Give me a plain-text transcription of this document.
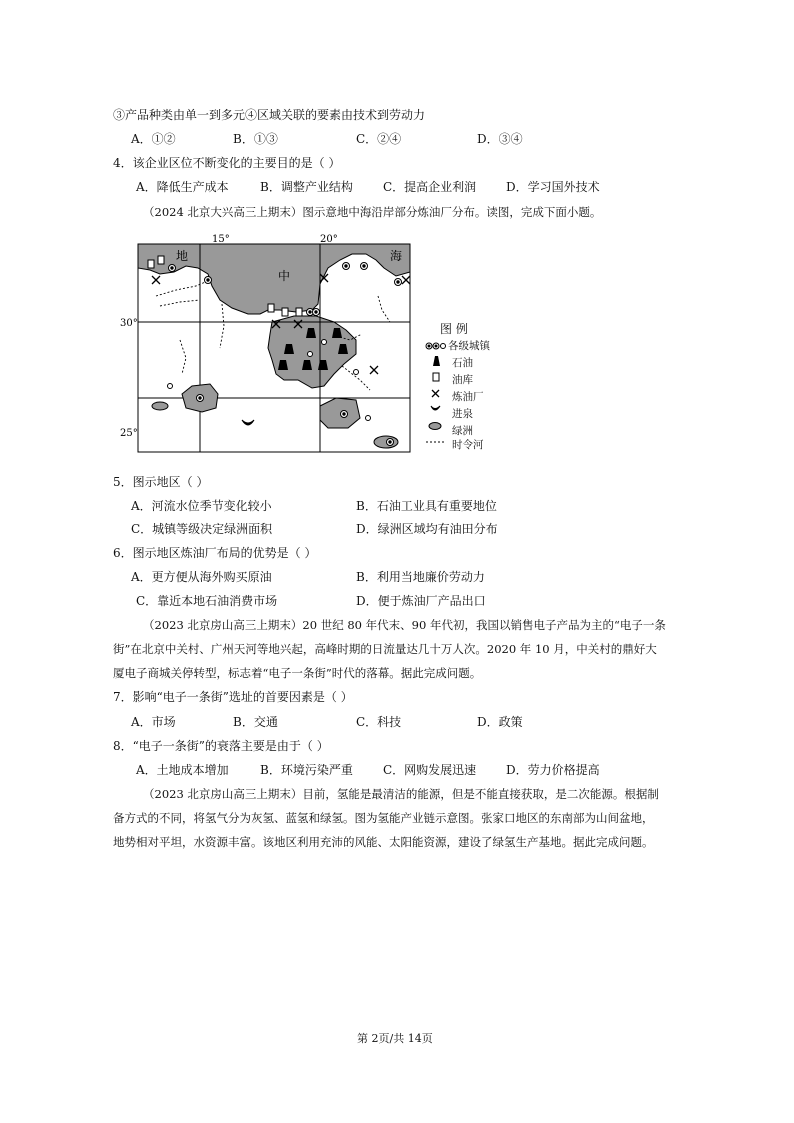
③产品种类由单一到多元④区域关联的要素由技术到劳动力
A．①②	B．①③	C．②④	D．③④
4．该企业区位不断变化的主要目的是（ ）
A．降低生产成本	B．调整产业结构	C．提高企业利润 D．学习国外技术
（2024 北京大兴高三上期末）图示意地中海沿岸部分炼油厂分布。读图，完成下面小题。
15°	20°
30°
25°
地
中
海
图 例
各级城镇
石油
油库
炼油厂
进泉
绿洲
时令河
5．图示地区（ ）
A．河流水位季节变化较小	B．石油工业具有重要地位
C．城镇等级决定绿洲面积	D．绿洲区域均有油田分布
6．图示地区炼油厂布局的优势是（ ）
A．更方便从海外购买原油	B．利用当地廉价劳动力
C．靠近本地石油消费市场	D．便于炼油厂产品出口
（2023 北京房山高三上期末）20 世纪 80 年代末、90 年代初，我国以销售电子产品为主的“电子一条
街”在北京中关村、广州天河等地兴起，高峰时期的日流量达几十万人次。2020 年 10 月，中关村的鼎好大
厦电子商城关停转型，标志着“电子一条街”时代的落幕。据此完成问题。
7．影响“电子一条街”选址的首要因素是（ ）
A．市场	B．交通	C．科技	D．政策
8．“电子一条街”的衰落主要是由于（ ）
A．土地成本增加	B．环境污染严重	C．网购发展迅速 D．劳力价格提高
（2023 北京房山高三上期末）目前，氢能是最清洁的能源，但是不能直接获取，是二次能源。根据制
备方式的不同，将氢气分为灰氢、蓝氢和绿氢。图为氢能产业链示意图。张家口地区的东南部为山间盆地，
地势相对平坦，水资源丰富。该地区利用充沛的风能、太阳能资源，建设了绿氢生产基地。据此完成问题。
第 2页/共 14页
